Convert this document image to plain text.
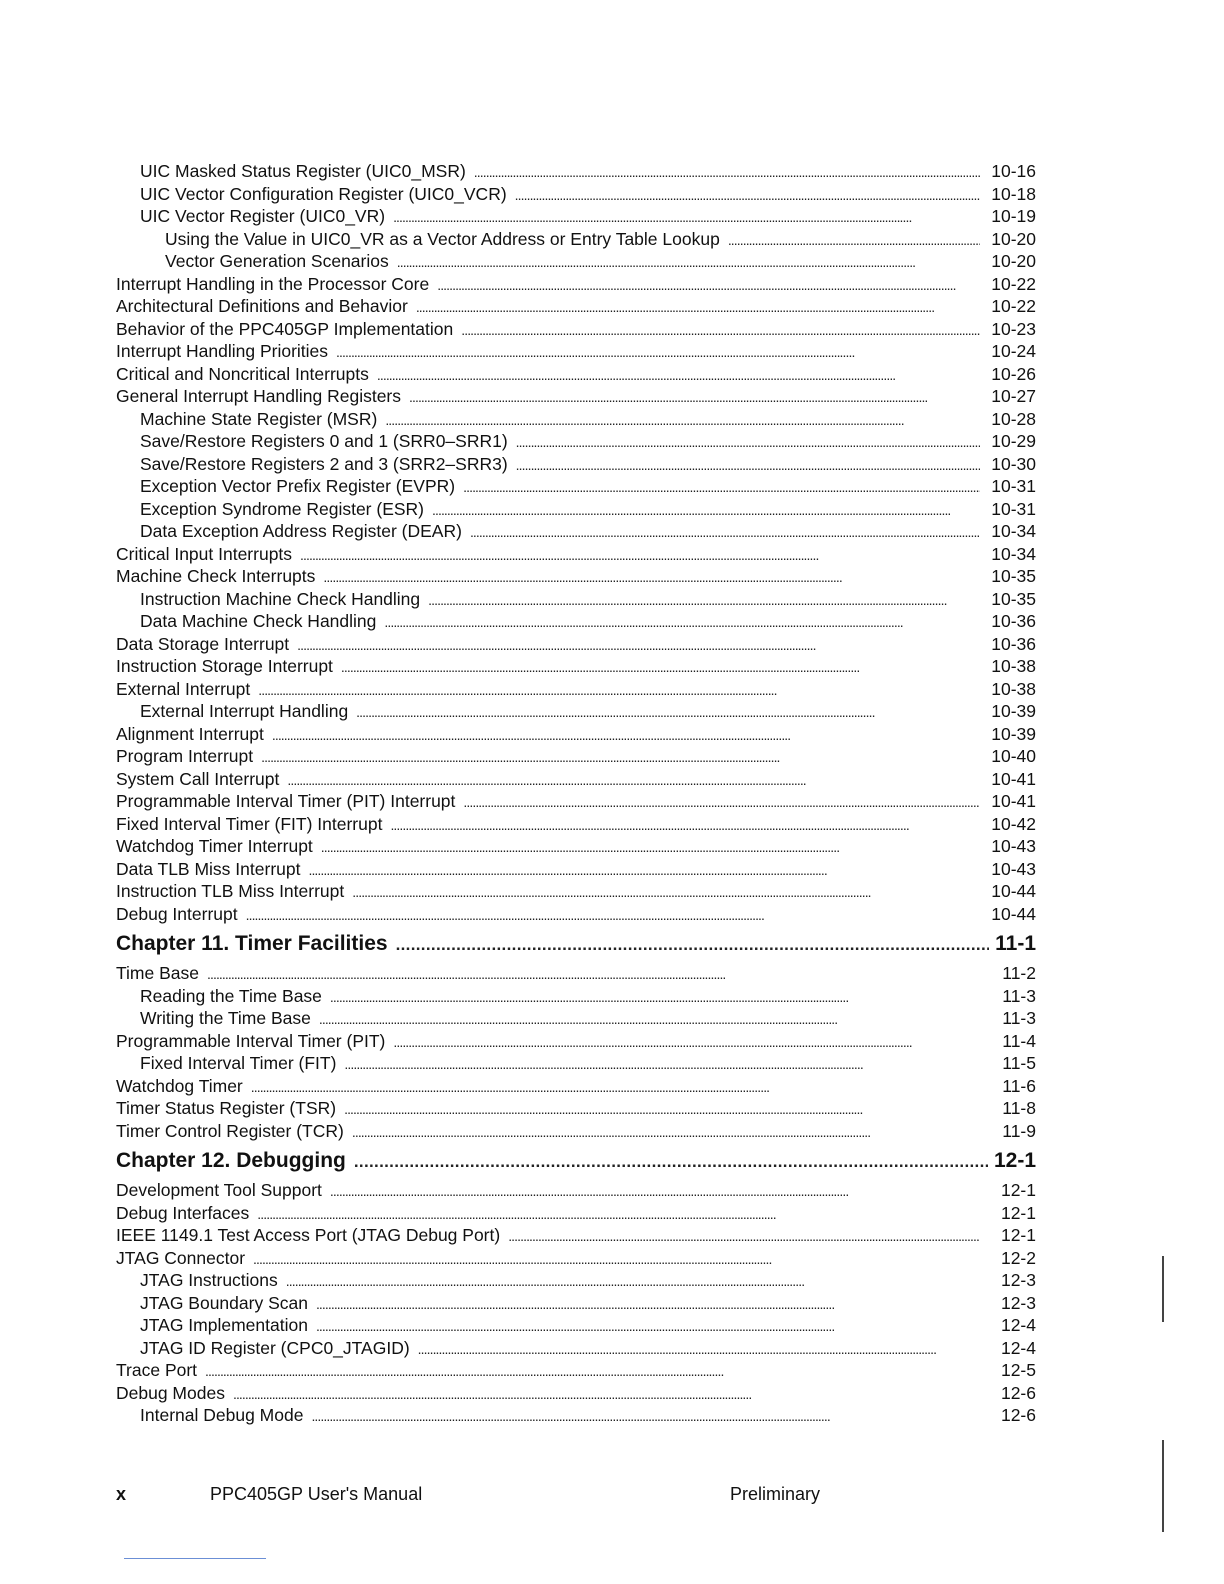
UIC Masked Status Register (UIC0_MSR) . . .	10-16
UIC Vector Configuration Register (UIC0_VCR) . . .	10-18
UIC Vector Register (UIC0_VR) . . .	10-19
Using the Value in UIC0_VR as a Vector Address or Entry Table Lookup . . .	10-20
Vector Generation Scenarios . . .	10-20
Interrupt Handling in the Processor Core . . .	10-22
Architectural Definitions and Behavior . . .	10-22
Behavior of the PPC405GP Implementation . . .	10-23
Interrupt Handling Priorities . . .	10-24
Critical and Noncritical Interrupts . . .	10-26
General Interrupt Handling Registers . . .	10-27
Machine State Register (MSR) . . .	10-28
Save/Restore Registers 0 and 1 (SRR0–SRR1) . . .	10-29
Save/Restore Registers 2 and 3 (SRR2–SRR3) . . .	10-30
Exception Vector Prefix Register (EVPR) . . .	10-31
Exception Syndrome Register (ESR) . . .	10-31
Data Exception Address Register (DEAR) . . .	10-34
Critical Input Interrupts . . .	10-34
Machine Check Interrupts . . .	10-35
Instruction Machine Check Handling . . .	10-35
Data Machine Check Handling . . .	10-36
Data Storage Interrupt . . .	10-36
Instruction Storage Interrupt . . .	10-38
External Interrupt . . .	10-38
External Interrupt Handling . . .	10-39
Alignment Interrupt . . .	10-39
Program Interrupt . . .	10-40
System Call Interrupt . . .	10-41
Programmable Interval Timer (PIT) Interrupt . . .	10-41
Fixed Interval Timer (FIT) Interrupt . . .	10-42
Watchdog Timer Interrupt . . .	10-43
Data TLB Miss Interrupt . . .	10-43
Instruction TLB Miss Interrupt . . .	10-44
Debug Interrupt . . .	10-44
Chapter 11. Timer Facilities . . .	11-1
Time Base . . .	11-2
Reading the Time Base . . .	11-3
Writing the Time Base . . .	11-3
Programmable Interval Timer (PIT) . . .	11-4
Fixed Interval Timer (FIT) . . .	11-5
Watchdog Timer . . .	11-6
Timer Status Register (TSR) . . .	11-8
Timer Control Register (TCR) . . .	11-9
Chapter 12. Debugging . . .	12-1
Development Tool Support . . .	12-1
Debug Interfaces . . .	12-1
IEEE 1149.1 Test Access Port (JTAG Debug Port) . . .	12-1
JTAG Connector . . .	12-2
JTAG Instructions . . .	12-3
JTAG Boundary Scan . . .	12-3
JTAG Implementation . . .	12-4
JTAG ID Register (CPC0_JTAGID) . . .	12-4
Trace Port . . .	12-5
Debug Modes . . .	12-6
Internal Debug Mode . . .	12-6
x	PPC405GP User's Manual	Preliminary
